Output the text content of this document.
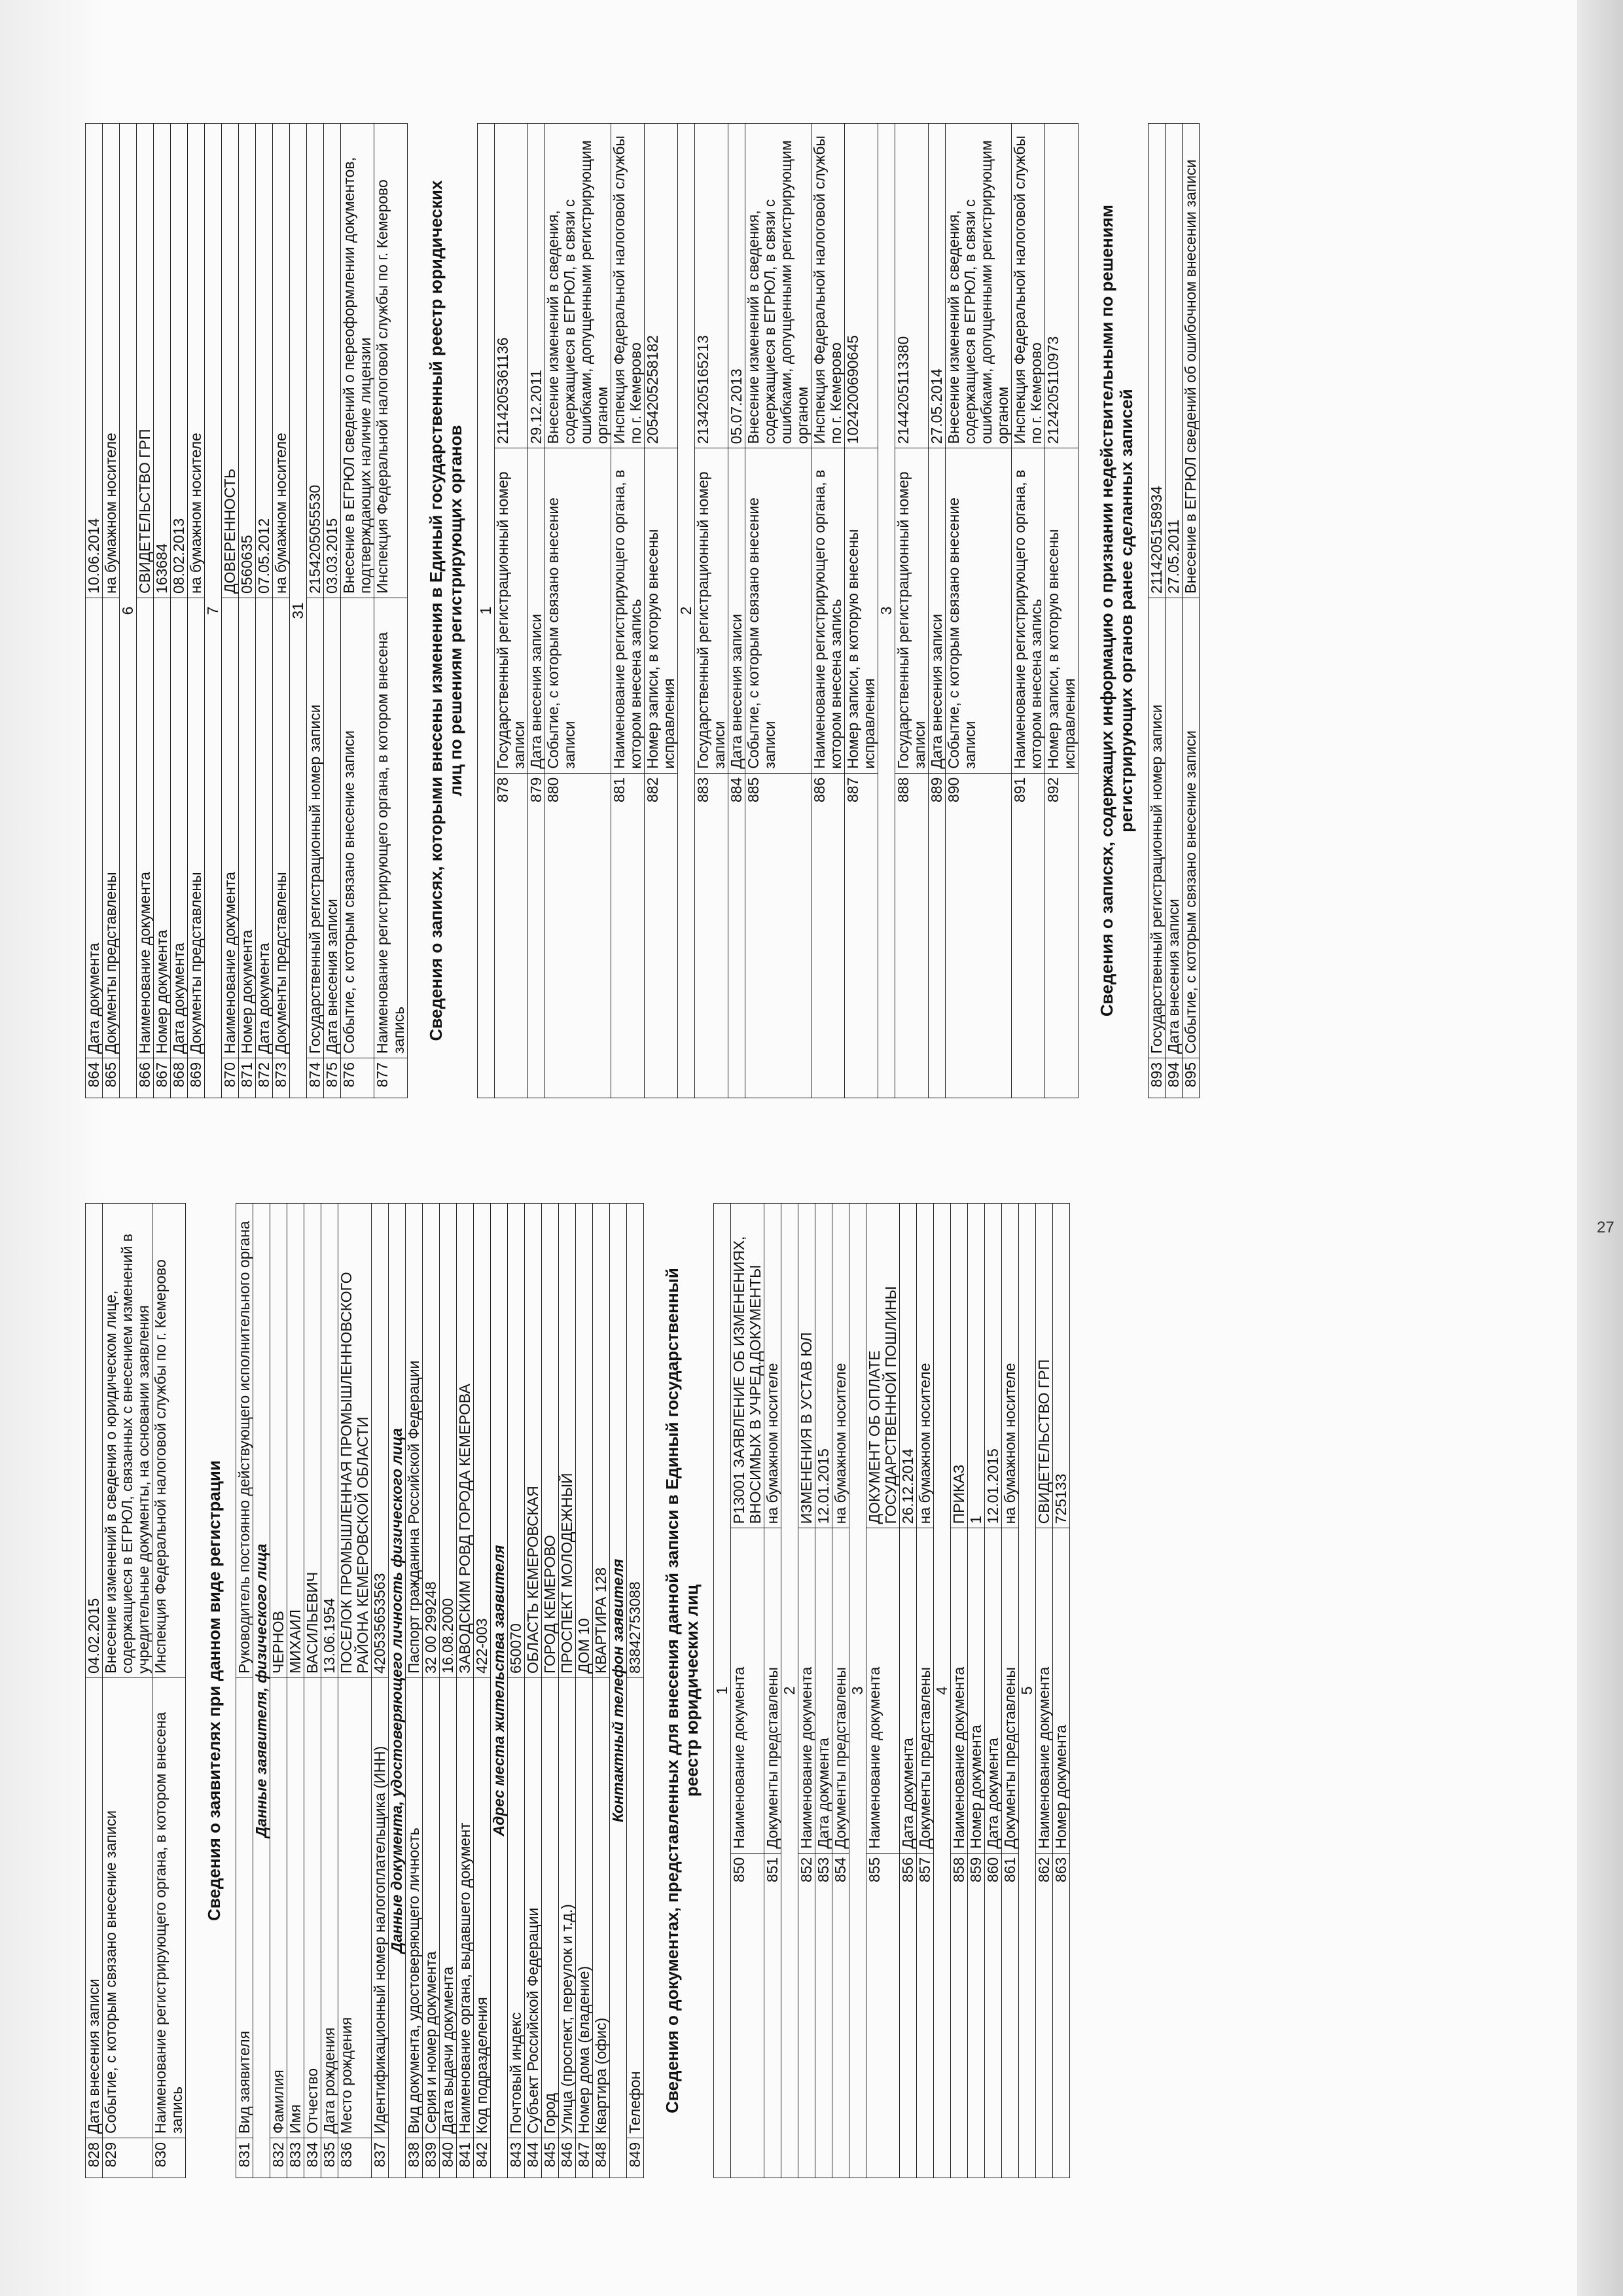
828	Дата внесения записи	04.02.2015
829	Событие, с которым связано внесение записи	Внесение изменений в сведения о юридическом лице, содержащиеся в ЕГРЮЛ, связанных с внесением изменений в учредительные документы, на основании заявления
830	Наименование регистрирующего органа, в котором внесена запись	Инспекция Федеральной налоговой службы по г. Кемерово Сведения о заявителях при данном виде регистрации
831	Вид заявителя	Руководитель постоянно действующего исполнительного органа
Данные заявителя, физического лица		
832	Фамилия	ЧЕРНОВ
833	Имя	МИХАИЛ
834	Отчество	ВАСИЛЬЕВИЧ
835	Дата рождения	13.06.1954
836	Место рождения	ПОСЕЛОК ПРОМЫШЛЕННАЯ ПРОМЫШЛЕННОВСКОГО РАЙОНА КЕМЕРОВСКОЙ ОБЛАСТИ
837	Идентификационный номер налогоплательщика (ИНН)	420535653563
Данные документа, удостоверяющего личность физического лица		
838	Вид документа, удостоверяющего личность	Паспорт гражданина Российской Федерации
839	Серия и номер документа	32 00 299248
840	Дата выдачи документа	16.08.2000
841	Наименование органа, выдавшего документ	ЗАВОДСКИМ РОВД ГОРОДА КЕМЕРОВА
842	Код подразделения	422-003
Адрес места жительства заявителя		
843	Почтовый индекс	650070
844	Субъект Российской Федерации	ОБЛАСТЬ КЕМЕРОВСКАЯ
845	Город	ГОРОД КЕМЕРОВО
846	Улица (проспект, переулок и т.д.)	ПРОСПЕКТ МОЛОДЕЖНЫЙ
847	Номер дома (владение)	ДОМ 10
848	Квартира (офис)	КВАРТИРА 128
Контактный телефон заявителя		
849	Телефон	83842753088 Сведения о документах, представленных для внесения данной записи в Единый государственный реестр юридических лиц 1		
850	Наименование документа	Р13001 ЗАЯВЛЕНИЕ ОБ ИЗМЕНЕНИЯХ, ВНОСИМЫХ В УЧРЕД.ДОКУМЕНТЫ
851	Документы представлены	на бумажном носителе
2		
852	Наименование документа	ИЗМЕНЕНИЯ В УСТАВ ЮЛ
853	Дата документа	12.01.2015
854	Документы представлены	на бумажном носителе
3		
855	Наименование документа	ДОКУМЕНТ ОБ ОПЛАТЕ ГОСУДАРСТВЕННОЙ ПОШЛИНЫ
856	Дата документа	26.12.2014
857	Документы представлены	на бумажном носителе
4		
858	Наименование документа	ПРИКАЗ
859	Номер документа	1
860	Дата документа	12.01.2015
861	Документы представлены	на бумажном носителе
5		
862	Наименование документа	СВИДЕТЕЛЬСТВО ГРП
863	Номер документа	725133
864	Дата документа	10.06.2014
865	Документы представлены	на бумажном носителе
6		
866	Наименование документа	СВИДЕТЕЛЬСТВО ГРП
867	Номер документа	163684
868	Дата документа	08.02.2013
869	Документы представлены	на бумажном носителе
7		
870	Наименование документа	ДОВЕРЕННОСТЬ
871	Номер документа	0560635
872	Дата документа	07.05.2012
873	Документы представлены	на бумажном носителе
31		
874	Государственный регистрационный номер записи	2154205055530
875	Дата внесения записи	03.03.2015
876	Событие, с которым связано внесение записи	Внесение в ЕГРЮЛ сведений о переоформлении документов, подтверждающих наличие лицензии
877	Наименование регистрирующего органа, в котором внесена запись	Инспекция Федеральной налоговой службы по г. Кемерово Сведения о записях, которыми внесены изменения в Единый государственный реестр юридических лиц по решениям регистрирующих органов 1		
878	Государственный регистрационный номер записи	2114205361136
879	Дата внесения записи	29.12.2011
880	Событие, с которым связано внесение записи	Внесение изменений в сведения, содержащиеся в ЕГРЮЛ, в связи с ошибками, допущенными регистрирующим органом
881	Наименование регистрирующего органа, в котором внесена запись	Инспекция Федеральной налоговой службы по г. Кемерово
882	Номер записи, в которую внесены исправления	2054205258182
2		
883	Государственный регистрационный номер записи	2134205165213
884	Дата внесения записи	05.07.2013
885	Событие, с которым связано внесение записи	Внесение изменений в сведения, содержащиеся в ЕГРЮЛ, в связи с ошибками, допущенными регистрирующим органом
886	Наименование регистрирующего органа, в котором внесена запись	Инспекция Федеральной налоговой службы по г. Кемерово
887	Номер записи, в которую внесены исправления	1024200690645
3		
888	Государственный регистрационный номер записи	2144205113380
889	Дата внесения записи	27.05.2014
890	Событие, с которым связано внесение записи	Внесение изменений в сведения, содержащиеся в ЕГРЮЛ, в связи с ошибками, допущенными регистрирующим органом
891	Наименование регистрирующего органа, в котором внесена запись	Инспекция Федеральной налоговой службы по г. Кемерово
892	Номер записи, в которую внесены исправления	2124205110973 Сведения о записях, содержащих информацию о признании недействительными по решениям регистрирующих органов ранее сделанных записей
893	Государственный регистрационный номер записи	2114205158934
894	Дата внесения записи	27.05.2011
895	Событие, с которым связано внесение записи	Внесение в ЕГРЮЛ сведений об ошибочном внесении записи
27
